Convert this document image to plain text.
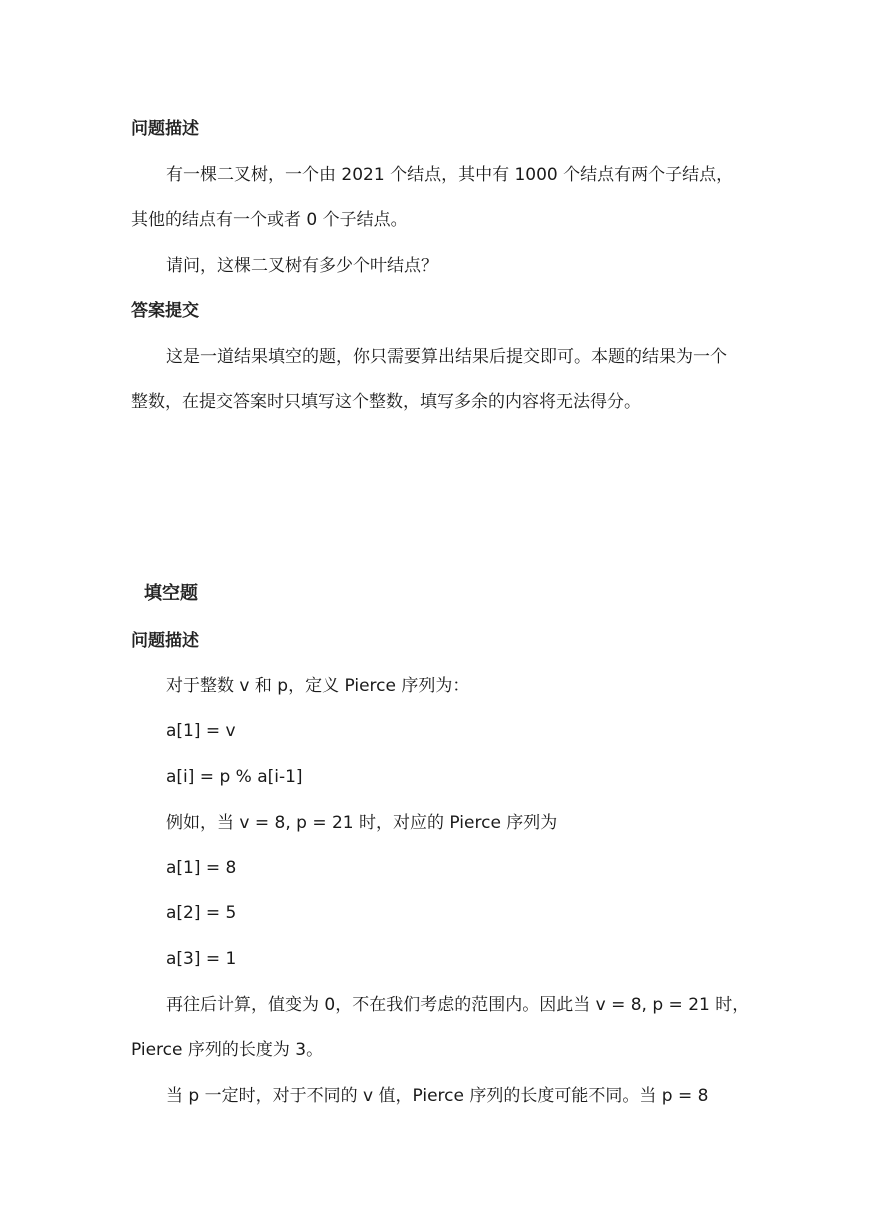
问题描述
有一棵二叉树，一个由 2021 个结点，其中有 1000 个结点有两个子结点，
其他的结点有一个或者 0 个子结点。
请问，这棵二叉树有多少个叶结点？
答案提交
这是一道结果填空的题，你只需要算出结果后提交即可。本题的结果为一个
整数，在提交答案时只填写这个整数，填写多余的内容将无法得分。
填空题
问题描述
对于整数 v 和 p，定义 Pierce 序列为：
a[1] = v
a[i] = p % a[i-1]
例如，当 v = 8, p = 21 时，对应的 Pierce 序列为
a[1] = 8
a[2] = 5
a[3] = 1
再往后计算，值变为 0，不在我们考虑的范围内。因此当 v = 8, p = 21 时，
Pierce 序列的长度为 3。
当 p 一定时，对于不同的 v 值，Pierce 序列的长度可能不同。当 p = 8
